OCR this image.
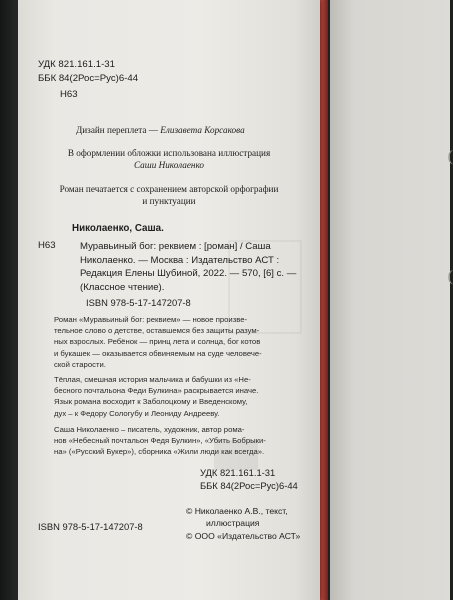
(
(
УДК 821.161.1-31
ББК 84(2Рос=Рус)6-44
Н63
Дизайн переплета — Елизавета Корсакова
В оформлении обложки использована иллюстрация
Саши Николаенко
Роман печатается с сохранением авторской орфографии
и пунктуации
Николаенко, Саша.
Н63	Муравьиный бог: реквием : [роман] / Саша
Николаенко. — Москва : Издательство АСТ :
Редакция Елены Шубиной, 2022. — 570, [6] с. —
(Классное чтение).
ISBN 978-5-17-147207-8
Роман «Муравьиный бог: реквием» — новое произве-
тельное слово о детстве, оставшемся без защиты разум-
ных взрослых. Ребёнок — принц лета и солнца, бог котов
и букашек — оказывается обвиняемым на суде человече-
ской старости.
Тёплая, смешная история мальчика и бабушки из «Не-
бесного почтальона Феди Булкина» раскрывается иначе.
Язык романа восходит к Заболоцкому и Введенскому,
дух – к Федору Сологубу и Леониду Андрееву.
Саша Николаенко – писатель, художник, автор рома-
нов «Небесный почтальон Федя Булкин», «Убить Бобрыки-
на» («Русский Букер»), сборника «Жили люди как всегда».
УДК 821.161.1-31
ББК 84(2Рос=Рус)6-44
© Николаенко А.В., текст,
иллюстрация
ISBN 978-5-17-147207-8
© ООО «Издательство АСТ»
